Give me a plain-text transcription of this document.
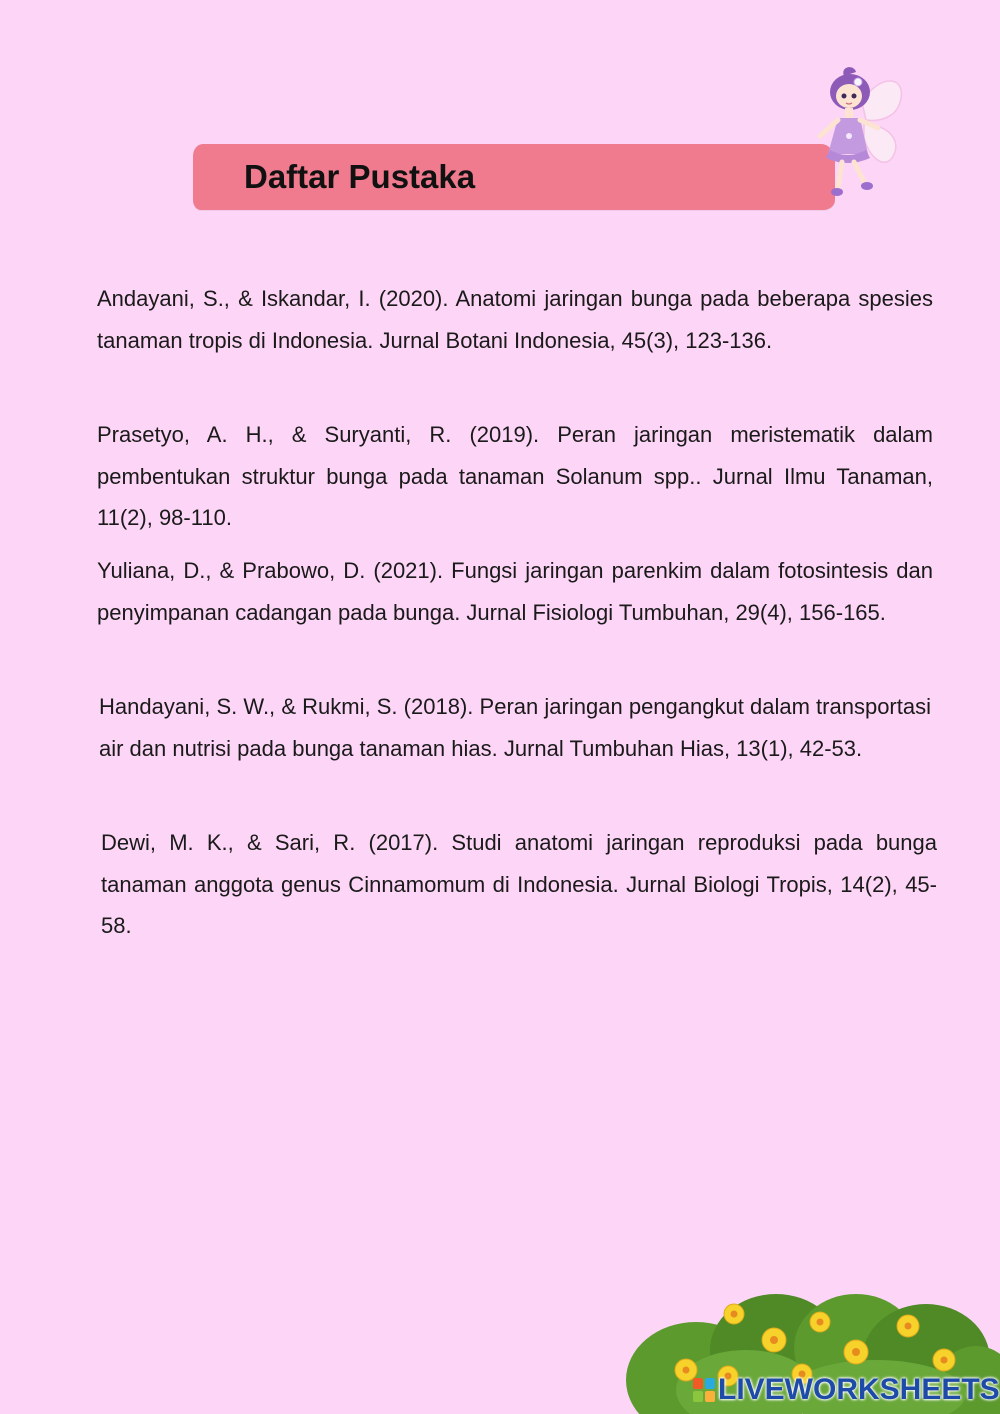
Daftar Pustaka

Andayani, S., & Iskandar, I. (2020). Anatomi jaringan bunga pada beberapa spesies tanaman tropis di Indonesia. Jurnal Botani Indonesia, 45(3), 123-136.

Prasetyo, A. H., & Suryanti, R. (2019). Peran jaringan meristematik dalam pembentukan struktur bunga pada tanaman Solanum spp.. Jurnal Ilmu Tanaman, 11(2), 98-110.

Yuliana, D., & Prabowo, D. (2021). Fungsi jaringan parenkim dalam fotosintesis dan penyimpanan cadangan pada bunga. Jurnal Fisiologi Tumbuhan, 29(4), 156-165.

Handayani, S. W., & Rukmi, S. (2018). Peran jaringan pengangkut dalam transportasi air dan nutrisi pada bunga tanaman hias. Jurnal Tumbuhan Hias, 13(1), 42-53.

Dewi, M. K., & Sari, R. (2017). Studi anatomi jaringan reproduksi pada bunga tanaman anggota genus Cinnamomum di Indonesia. Jurnal Biologi Tropis, 14(2), 45-58.

LIVEWORKSHEETS
